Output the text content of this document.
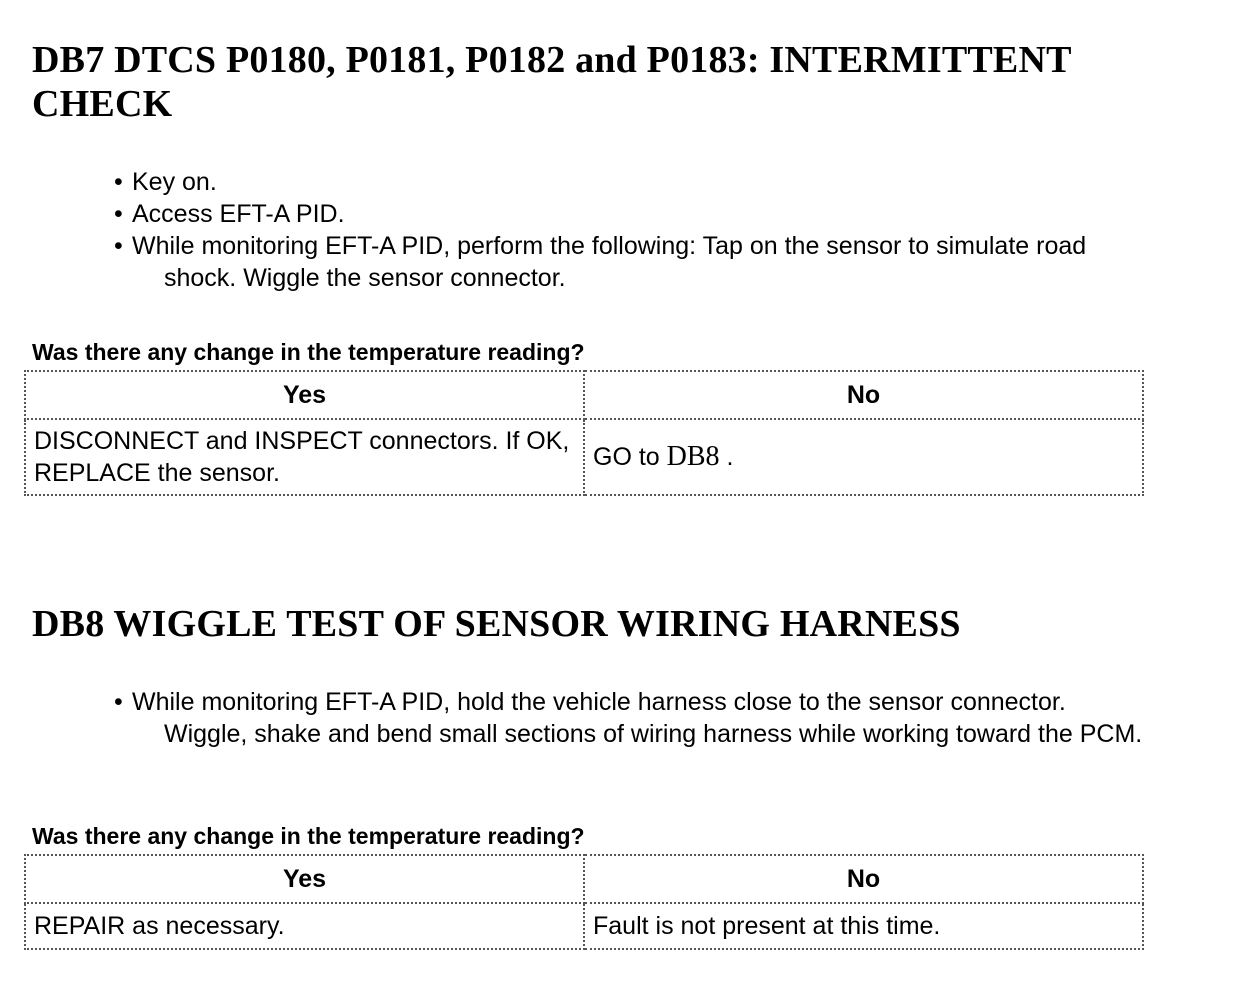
DB7 DTCS P0180, P0181, P0182 and P0183: INTERMITTENT CHECK
• Key on.
• Access EFT-A PID.
• While monitoring EFT-A PID, perform the following: Tap on the sensor to simulate road
shock. Wiggle the sensor connector.

Was there any change in the temperature reading?

Yes	No
DISCONNECT and INSPECT connectors. If OK, REPLACE the sensor.	GO to DB8 .
DB8 WIGGLE TEST OF SENSOR WIRING HARNESS
• While monitoring EFT-A PID, hold the vehicle harness close to the sensor connector.
Wiggle, shake and bend small sections of wiring harness while working toward the PCM.

Was there any change in the temperature reading?

Yes	No
REPAIR as necessary.	Fault is not present at this time.
